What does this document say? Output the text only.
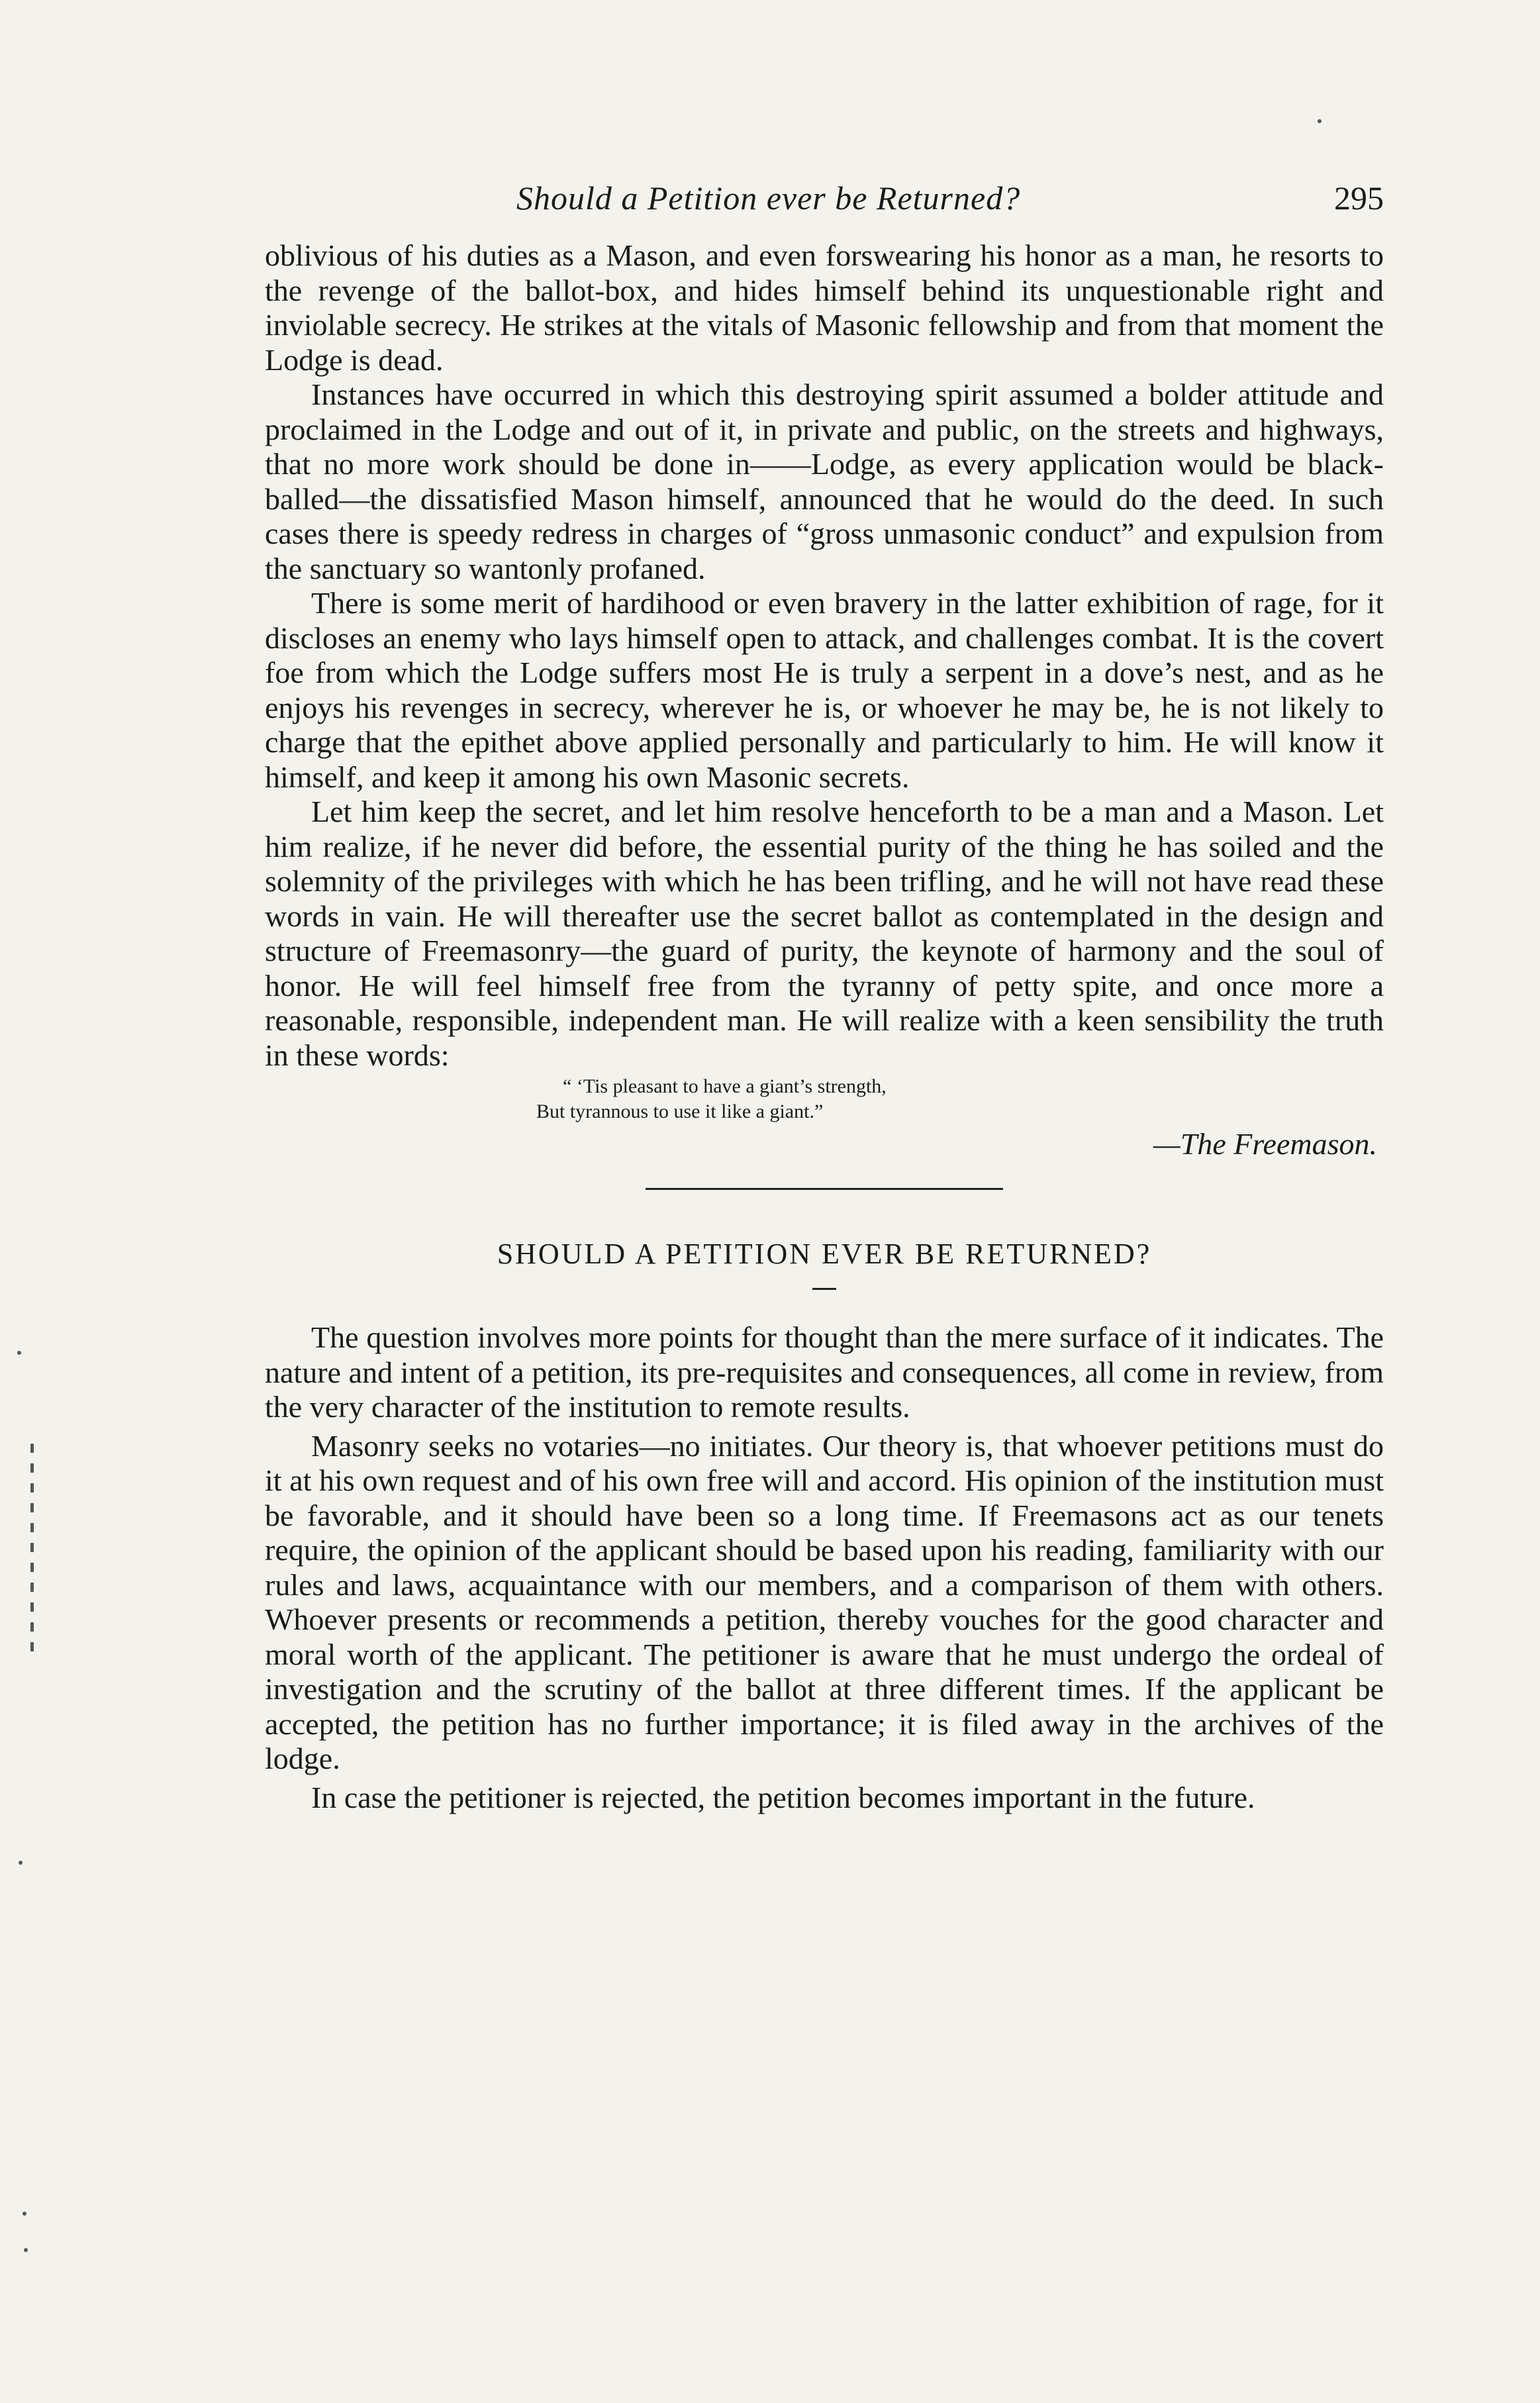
Should a Petition ever be Returned?	295

oblivious of his duties as a Mason, and even forswearing his honor as a man, he resorts to the revenge of the ballot-box, and hides himself behind its unquestionable right and inviolable secrecy. He strikes at the vitals of Masonic fellowship and from that moment the Lodge is dead.

Instances have occurred in which this destroying spirit assumed a bolder attitude and proclaimed in the Lodge and out of it, in private and public, on the streets and highways, that no more work should be done in——Lodge, as every application would be black-balled—the dissatisfied Mason himself, announced that he would do the deed. In such cases there is speedy redress in charges of “gross unmasonic conduct” and expulsion from the sanctuary so wantonly profaned.

There is some merit of hardihood or even bravery in the latter exhibition of rage, for it discloses an enemy who lays himself open to attack, and challenges combat. It is the covert foe from which the Lodge suffers most He is truly a serpent in a dove’s nest, and as he enjoys his revenges in secrecy, wherever he is, or whoever he may be, he is not likely to charge that the epithet above applied personally and particularly to him. He will know it himself, and keep it among his own Masonic secrets.

Let him keep the secret, and let him resolve henceforth to be a man and a Mason. Let him realize, if he never did before, the essential purity of the thing he has soiled and the solemnity of the privileges with which he has been trifling, and he will not have read these words in vain. He will thereafter use the secret ballot as contemplated in the design and structure of Freemasonry—the guard of purity, the keynote of harmony and the soul of honor. He will feel himself free from the tyranny of petty spite, and once more a reasonable, responsible, independent man. He will realize with a keen sensibility the truth in these words:

“ ‘Tis pleasant to have a giant’s strength,
But tyrannous to use it like a giant.”
—The Freemason.
SHOULD A PETITION EVER BE RETURNED?

The question involves more points for thought than the mere surface of it indicates. The nature and intent of a petition, its pre-requisites and consequences, all come in review, from the very character of the institution to remote results.

Masonry seeks no votaries—no initiates. Our theory is, that whoever petitions must do it at his own request and of his own free will and accord. His opinion of the institution must be favorable, and it should have been so a long time. If Freemasons act as our tenets require, the opinion of the applicant should be based upon his reading, familiarity with our rules and laws, acquaintance with our members, and a comparison of them with others. Whoever presents or recommends a petition, thereby vouches for the good character and moral worth of the applicant. The petitioner is aware that he must undergo the ordeal of investigation and the scrutiny of the ballot at three different times. If the applicant be accepted, the petition has no further importance; it is filed away in the archives of the lodge.

In case the petitioner is rejected, the petition becomes important in the future.
